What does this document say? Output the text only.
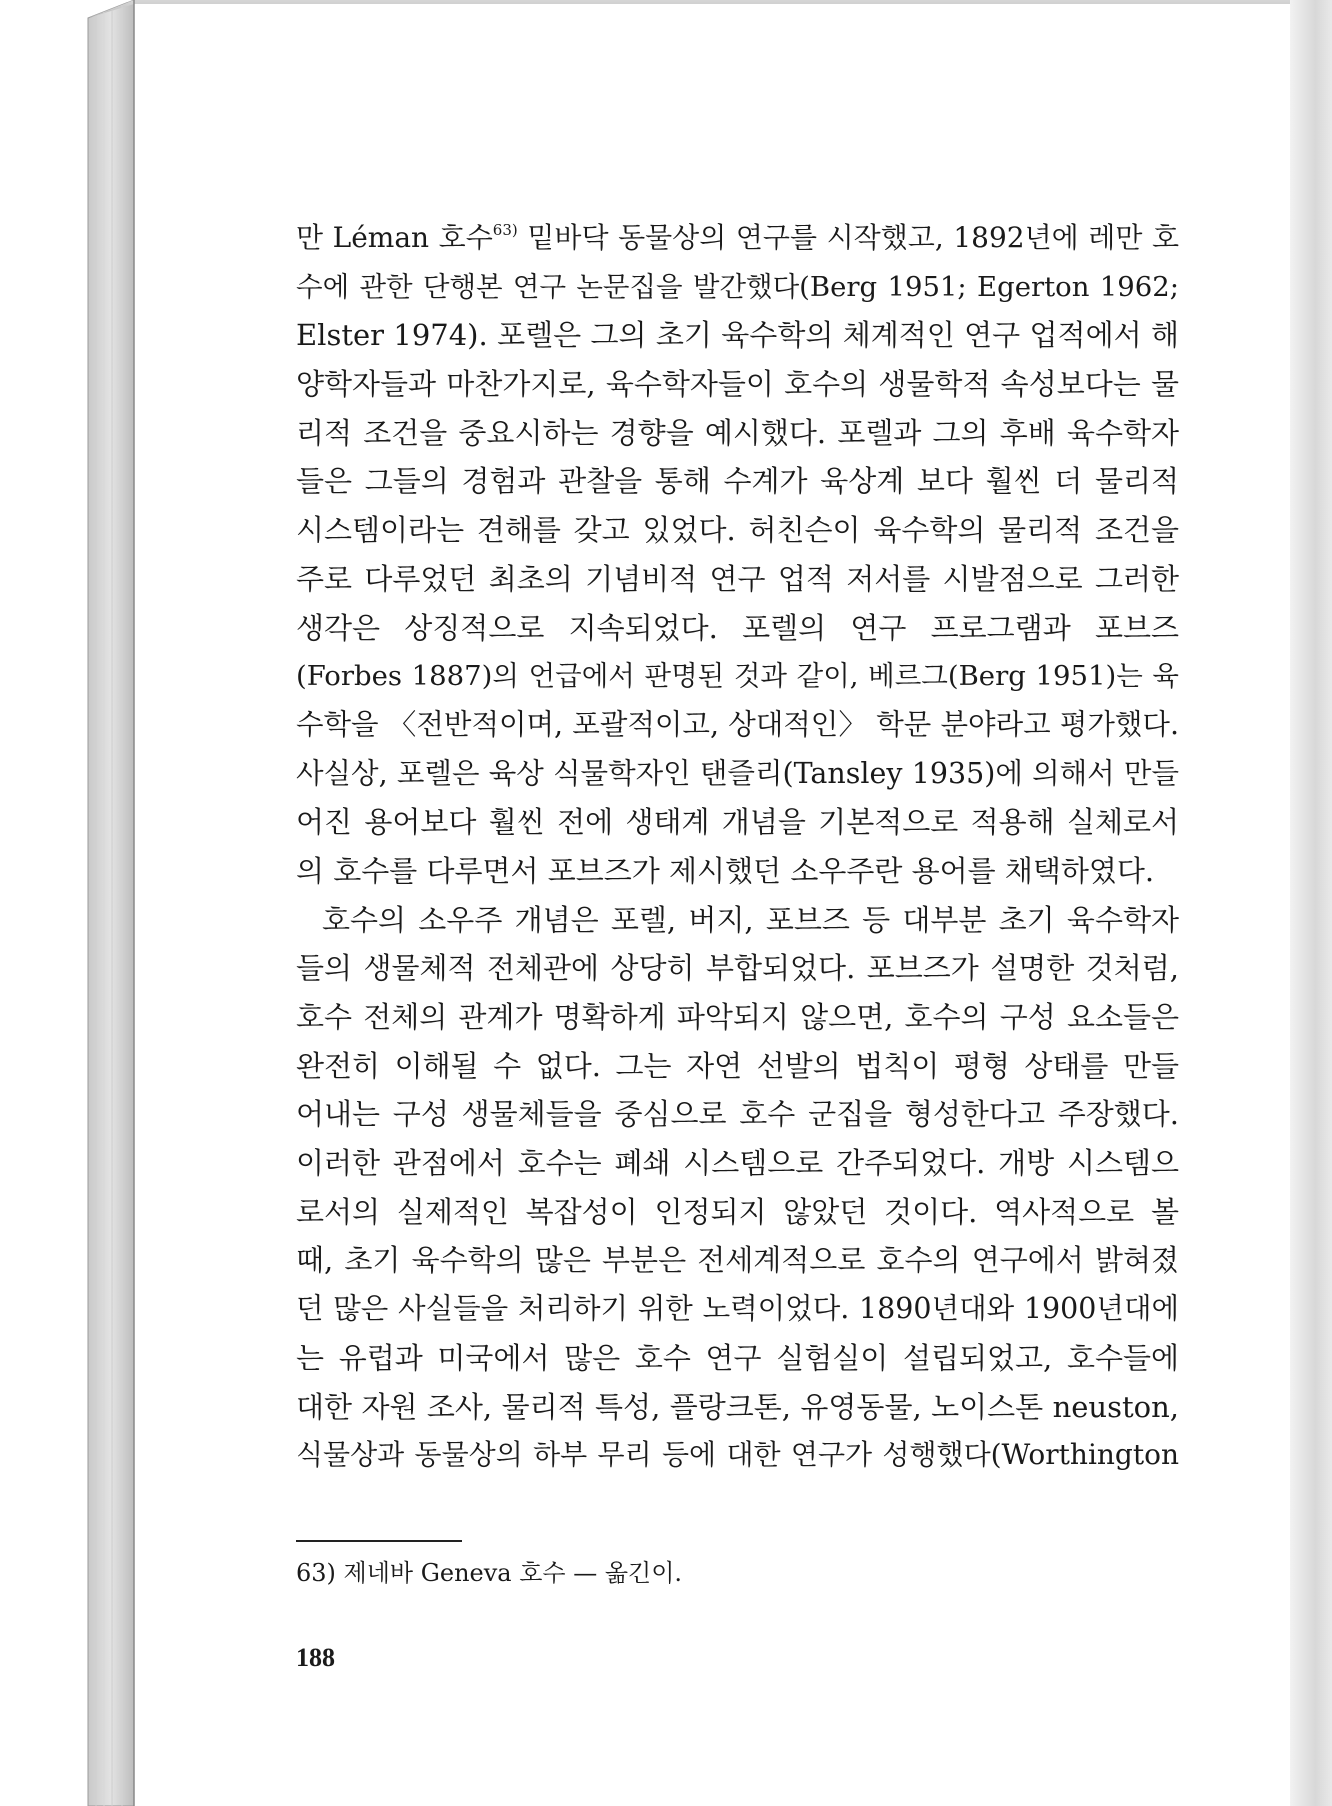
만 Léman 호수$^{63)}$ 밑바닥 동물상의 연구를 시작했고, 1892년에 레만 호
수에 관한 단행본 연구 논문집을 발간했다(Berg 1951; Egerton 1962;
Elster 1974). 포렐은 그의 초기 육수학의 체계적인 연구 업적에서 해
양학자들과 마찬가지로, 육수학자들이 호수의 생물학적 속성보다는 물
리적 조건을 중요시하는 경향을 예시했다. 포렐과 그의 후배 육수학자
들은 그들의 경험과 관찰을 통해 수계가 육상계 보다 훨씬 더 물리적
시스템이라는 견해를 갖고 있었다. 허친슨이 육수학의 물리적 조건을
주로 다루었던 최초의 기념비적 연구 업적 저서를 시발점으로 그러한
생각은 상징적으로 지속되었다. 포렐의 연구 프로그램과 포브즈
(Forbes 1887)의 언급에서 판명된 것과 같이, 베르그(Berg 1951)는 육
수학을 〈전반적이며, 포괄적이고, 상대적인〉 학문 분야라고 평가했다.
사실상, 포렐은 육상 식물학자인 탠즐리(Tansley 1935)에 의해서 만들
어진 용어보다 훨씬 전에 생태계 개념을 기본적으로 적용해 실체로서
의 호수를 다루면서 포브즈가 제시했던 소우주란 용어를 채택하였다.
호수의 소우주 개념은 포렐, 버지, 포브즈 등 대부분 초기 육수학자
들의 생물체적 전체관에 상당히 부합되었다. 포브즈가 설명한 것처럼,
호수 전체의 관계가 명확하게 파악되지 않으면, 호수의 구성 요소들은
완전히 이해될 수 없다. 그는 자연 선발의 법칙이 평형 상태를 만들
어내는 구성 생물체들을 중심으로 호수 군집을 형성한다고 주장했다.
이러한 관점에서 호수는 폐쇄 시스템으로 간주되었다. 개방 시스템으
로서의 실제적인 복잡성이 인정되지 않았던 것이다. 역사적으로 볼
때, 초기 육수학의 많은 부분은 전세계적으로 호수의 연구에서 밝혀졌
던 많은 사실들을 처리하기 위한 노력이었다. 1890년대와 1900년대에
는 유럽과 미국에서 많은 호수 연구 실험실이 설립되었고, 호수들에
대한 자원 조사, 물리적 특성, 플랑크톤, 유영동물, 노이스톤 neuston,
식물상과 동물상의 하부 무리 등에 대한 연구가 성행했다(Worthington
63) 제네바 Geneva 호수 — 옮긴이.
188
